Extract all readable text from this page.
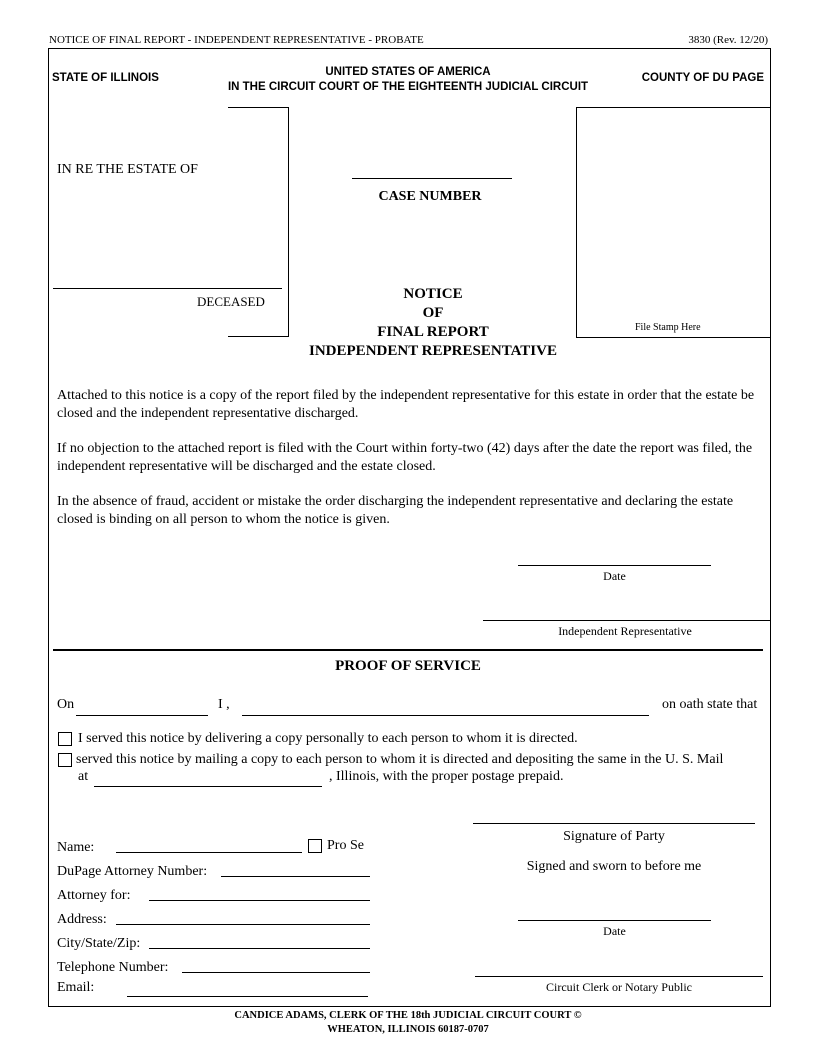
NOTICE OF FINAL REPORT - INDEPENDENT REPRESENTATIVE - PROBATE	3830 (Rev. 12/20)
STATE OF ILLINOIS	UNITED STATES OF AMERICA
IN THE CIRCUIT COURT OF THE EIGHTEENTH JUDICIAL CIRCUIT
COUNTY OF DU PAGE
IN RE THE ESTATE OF
DECEASED
CASE NUMBER
File Stamp Here
NOTICE
OF
FINAL REPORT
INDEPENDENT REPRESENTATIVE
Attached to this notice is a copy of the report filed by the independent representative for this estate in order that the estate be closed and the independent representative discharged.
If no objection to the attached report is filed with the Court within forty-two (42) days after the date the report was filed, the independent representative will be discharged and the estate closed.
In the absence of fraud, accident or mistake the order discharging the independent representative and declaring the estate closed is binding on all person to whom the notice is given.
Date
Independent Representative
PROOF OF SERVICE
On	I ,	on oath state that
I served this notice by delivering a copy personally to each person to whom it is directed.
served this notice by mailing a copy to each person to whom it is directed and depositing the same in the U. S. Mail
at	, Illinois, with the proper postage prepaid.
Name:	Pro Se
DuPage Attorney Number:
Attorney for:
Address:
City/State/Zip:
Telephone Number:
Email:
Signature of Party
Signed and sworn to before me
Date
Circuit Clerk or Notary Public
CANDICE ADAMS, CLERK OF THE 18th JUDICIAL CIRCUIT COURT ©
WHEATON, ILLINOIS 60187-0707
